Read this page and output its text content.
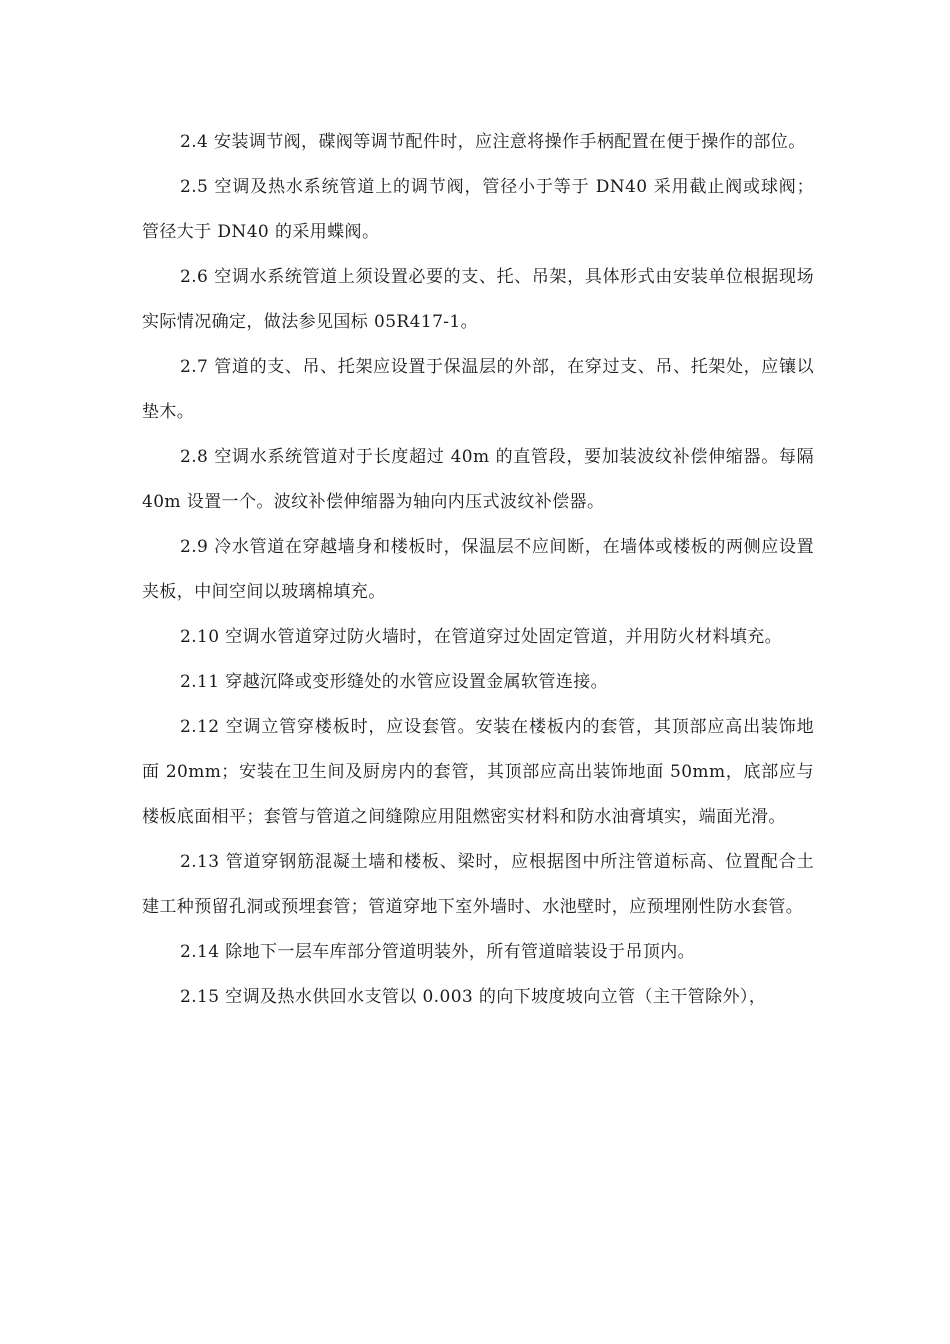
2.4 安装调节阀，碟阀等调节配件时，应注意将操作手柄配置在便于操作的部位。

2.5 空调及热水系统管道上的调节阀，管径小于等于 DN40 采用截止阀或球阀；管径大于 DN40 的采用蝶阀。

2.6 空调水系统管道上须设置必要的支、托、吊架，具体形式由安装单位根据现场实际情况确定，做法参见国标 05R417-1。

2.7 管道的支、吊、托架应设置于保温层的外部，在穿过支、吊、托架处，应镶以垫木。

2.8 空调水系统管道对于长度超过 40m 的直管段，要加装波纹补偿伸缩器。每隔 40m 设置一个。波纹补偿伸缩器为轴向内压式波纹补偿器。

2.9 冷水管道在穿越墙身和楼板时，保温层不应间断，在墙体或楼板的两侧应设置夹板，中间空间以玻璃棉填充。

2.10 空调水管道穿过防火墙时，在管道穿过处固定管道，并用防火材料填充。

2.11 穿越沉降或变形缝处的水管应设置金属软管连接。

2.12 空调立管穿楼板时，应设套管。安装在楼板内的套管，其顶部应高出装饰地面 20mm；安装在卫生间及厨房内的套管，其顶部应高出装饰地面 50mm，底部应与楼板底面相平；套管与管道之间缝隙应用阻燃密实材料和防水油膏填实，端面光滑。

2.13 管道穿钢筋混凝土墙和楼板、梁时，应根据图中所注管道标高、位置配合土建工种预留孔洞或预埋套管；管道穿地下室外墙时、水池壁时，应预埋刚性防水套管。

2.14 除地下一层车库部分管道明装外，所有管道暗装设于吊顶内。

2.15 空调及热水供回水支管以 0.003 的向下坡度坡向立管（主干管除外），
